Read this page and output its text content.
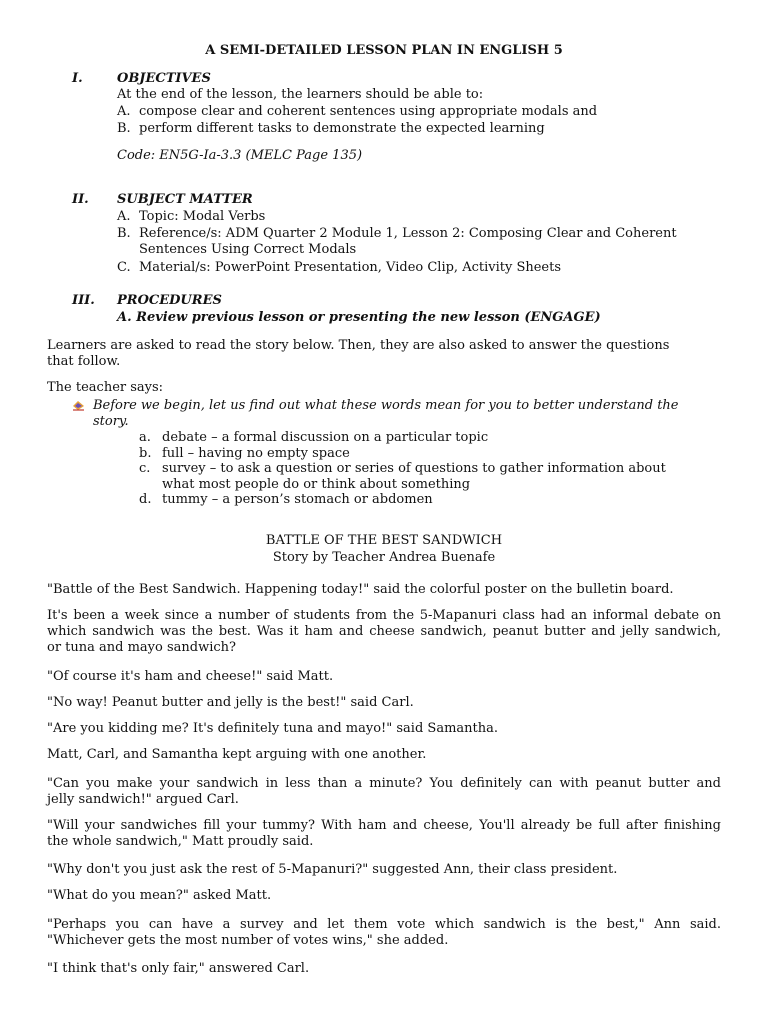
A SEMI-DETAILED LESSON PLAN IN ENGLISH 5
I.	OBJECTIVES
At the end of the lesson, the learners should be able to:
A. compose clear and coherent sentences using appropriate modals and
B. perform different tasks to demonstrate the expected learning
Code: EN5G-Ia-3.3 (MELC Page 135)
II. SUBJECT MATTER
A. Topic: Modal Verbs
B. Reference/s: ADM Quarter 2 Module 1, Lesson 2: Composing Clear and Coherent
Sentences Using Correct Modals
C. Material/s: PowerPoint Presentation, Video Clip, Activity Sheets
III. PROCEDURES
A. Review previous lesson or presenting the new lesson (ENGAGE)
Learners are asked to read the story below. Then, they are also asked to answer the questions
that follow.
The teacher says:
Before we begin, let us find out what these words mean for you to better understand the
story.
a. debate – a formal discussion on a particular topic
b. full – having no empty space
c. survey – to ask a question or series of questions to gather information about
what most people do or think about something
d. tummy – a person’s stomach or abdomen
BATTLE OF THE BEST SANDWICH
Story by Teacher Andrea Buenafe
"Battle of the Best Sandwich. Happening today!" said the colorful poster on the bulletin board.
It's been a week since a number of students from the 5-Mapanuri class had an informal debate on
which sandwich was the best. Was it ham and cheese sandwich, peanut butter and jelly sandwich,
or tuna and mayo sandwich?
"Of course it's ham and cheese!" said Matt.
"No way! Peanut butter and jelly is the best!" said Carl.
"Are you kidding me? It's definitely tuna and mayo!" said Samantha.
Matt, Carl, and Samantha kept arguing with one another.
"Can you make your sandwich in less than a minute? You definitely can with peanut butter and
jelly sandwich!" argued Carl.
"Will your sandwiches fill your tummy? With ham and cheese, You'll already be full after finishing
the whole sandwich," Matt proudly said.
"Why don't you just ask the rest of 5-Mapanuri?" suggested Ann, their class president.
"What do you mean?" asked Matt.
"Perhaps you can have a survey and let them vote which sandwich is the best," Ann said.
"Whichever gets the most number of votes wins," she added.
"I think that's only fair," answered Carl.
